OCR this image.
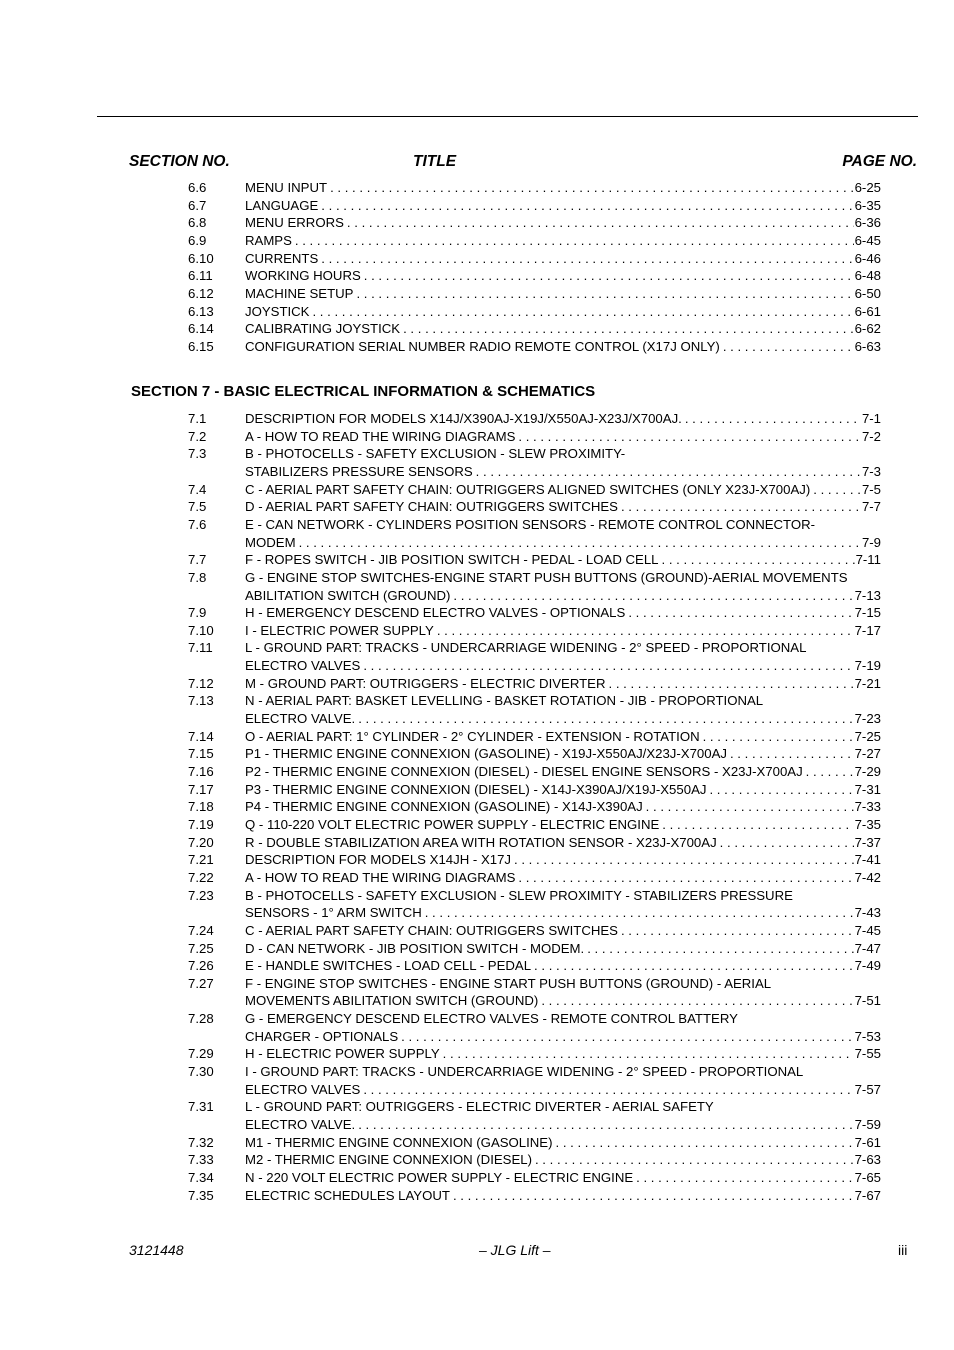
SECTION NO.	TITLE	PAGE NO.
6.6	MENU INPUT . . .	6-25
6.7	LANGUAGE . . .	6-35
6.8	MENU ERRORS . . .	6-36
6.9	RAMPS . . .	6-45
6.10 CURRENTS . . .	6-46
6.11 WORKING HOURS . . .	6-48
6.12 MACHINE SETUP . . .	6-50
6.13 JOYSTICK . . .	6-61
6.14 CALIBRATING JOYSTICK . . .	6-62
6.15 CONFIGURATION SERIAL NUMBER RADIO REMOTE CONTROL (X17J ONLY) . . .	6-63
SECTION 7 - BASIC ELECTRICAL INFORMATION & SCHEMATICS
7.1	DESCRIPTION FOR MODELS X14J/X390AJ-X19J/X550AJ-X23J/X700AJ. . . .	7-1
7.2	A - HOW TO READ THE WIRING DIAGRAMS . . .	7-2
7.3	B - PHOTOCELLS - SAFETY EXCLUSION - SLEW PROXIMITY-
STABILIZERS PRESSURE SENSORS . . .	7-3
7.4	C - AERIAL PART SAFETY CHAIN: OUTRIGGERS ALIGNED SWITCHES (ONLY X23J-X700AJ) . . .	7-5
7.5	D - AERIAL PART SAFETY CHAIN: OUTRIGGERS SWITCHES . . .	7-7
7.6	E - CAN NETWORK - CYLINDERS POSITION SENSORS - REMOTE CONTROL CONNECTOR-
MODEM . . .	7-9
7.7	F - ROPES SWITCH - JIB POSITION SWITCH - PEDAL - LOAD CELL . . .	7-11
7.8	G - ENGINE STOP SWITCHES-ENGINE START PUSH BUTTONS (GROUND)-AERIAL MOVEMENTS
ABILITATION SWITCH (GROUND) . . .	7-13
7.9	H - EMERGENCY DESCEND ELECTRO VALVES - OPTIONALS . . .	7-15
7.10 I - ELECTRIC POWER SUPPLY . . .	7-17
7.11 L - GROUND PART: TRACKS - UNDERCARRIAGE WIDENING - 2° SPEED - PROPORTIONAL
ELECTRO VALVES . . .	7-19
7.12 M - GROUND PART: OUTRIGGERS - ELECTRIC DIVERTER . . .	7-21
7.13 N - AERIAL PART: BASKET LEVELLING - BASKET ROTATION - JIB - PROPORTIONAL
ELECTRO VALVE. . . .	7-23
7.14 O - AERIAL PART: 1° CYLINDER - 2° CYLINDER - EXTENSION - ROTATION . . .	7-25
7.15 P1 - THERMIC ENGINE CONNEXION (GASOLINE) - X19J-X550AJ/X23J-X700AJ . . .	7-27
7.16 P2 - THERMIC ENGINE CONNEXION (DIESEL) - DIESEL ENGINE SENSORS - X23J-X700AJ . . .	7-29
7.17 P3 - THERMIC ENGINE CONNEXION (DIESEL) - X14J-X390AJ/X19J-X550AJ . . .	7-31
7.18 P4 - THERMIC ENGINE CONNEXION (GASOLINE) - X14J-X390AJ . . .	7-33
7.19 Q - 110-220 VOLT ELECTRIC POWER SUPPLY - ELECTRIC ENGINE . . .	7-35
7.20 R - DOUBLE STABILIZATION AREA WITH ROTATION SENSOR - X23J-X700AJ . . .	7-37
7.21 DESCRIPTION FOR MODELS X14JH - X17J . . .	7-41
7.22 A - HOW TO READ THE WIRING DIAGRAMS . . .	7-42
7.23 B - PHOTOCELLS - SAFETY EXCLUSION - SLEW PROXIMITY - STABILIZERS PRESSURE
SENSORS - 1° ARM SWITCH . . .	7-43
7.24 C - AERIAL PART SAFETY CHAIN: OUTRIGGERS SWITCHES . . .	7-45
7.25 D - CAN NETWORK - JIB POSITION SWITCH - MODEM. . . .	7-47
7.26 E - HANDLE SWITCHES - LOAD CELL - PEDAL . . .	7-49
7.27 F - ENGINE STOP SWITCHES - ENGINE START PUSH BUTTONS (GROUND) - AERIAL
MOVEMENTS ABILITATION SWITCH (GROUND) . . .	7-51
7.28 G - EMERGENCY DESCEND ELECTRO VALVES - REMOTE CONTROL BATTERY
CHARGER - OPTIONALS . . .	7-53
7.29 H - ELECTRIC POWER SUPPLY . . .	7-55
7.30 I - GROUND PART: TRACKS - UNDERCARRIAGE WIDENING - 2° SPEED - PROPORTIONAL
ELECTRO VALVES . . .	7-57
7.31 L - GROUND PART: OUTRIGGERS - ELECTRIC DIVERTER - AERIAL SAFETY
ELECTRO VALVE. . . .	7-59
7.32 M1 - THERMIC ENGINE CONNEXION (GASOLINE) . . .	7-61
7.33 M2 - THERMIC ENGINE CONNEXION (DIESEL) . . .	7-63
7.34 N - 220 VOLT ELECTRIC POWER SUPPLY - ELECTRIC ENGINE . . .	7-65
7.35 ELECTRIC SCHEDULES LAYOUT . . .	7-67
3121448	– JLG Lift –	iii
